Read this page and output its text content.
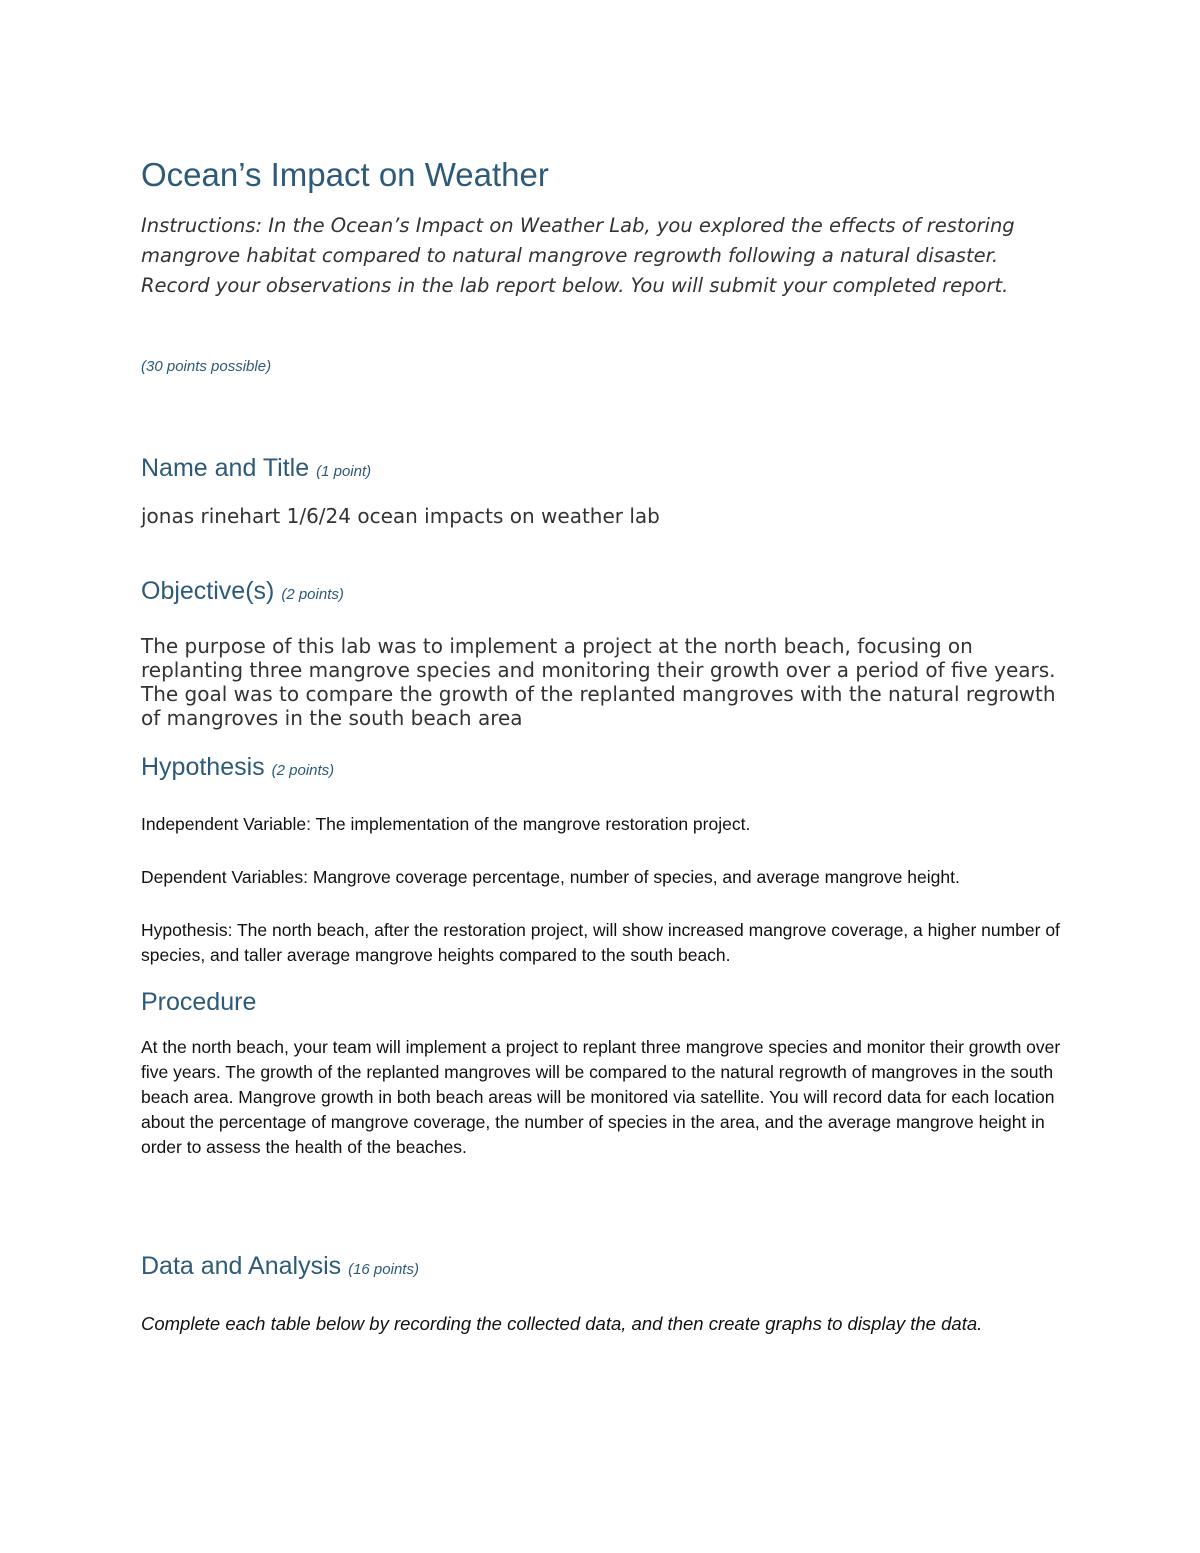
Ocean’s Impact on Weather

Instructions: In the Ocean’s Impact on Weather Lab, you explored the effects of restoring mangrove habitat compared to natural mangrove regrowth following a natural disaster. Record your observations in the lab report below. You will submit your completed report.

(30 points possible)

Name and Title (1 point)

jonas rinehart 1/6/24 ocean impacts on weather lab

Objective(s) (2 points)

The purpose of this lab was to implement a project at the north beach, focusing on replanting three mangrove species and monitoring their growth over a period of five years. The goal was to compare the growth of the replanted mangroves with the natural regrowth of mangroves in the south beach area

Hypothesis (2 points)

Independent Variable: The implementation of the mangrove restoration project.

Dependent Variables: Mangrove coverage percentage, number of species, and average mangrove height.

Hypothesis: The north beach, after the restoration project, will show increased mangrove coverage, a higher number of species, and taller average mangrove heights compared to the south beach.

Procedure

At the north beach, your team will implement a project to replant three mangrove species and monitor their growth over five years. The growth of the replanted mangroves will be compared to the natural regrowth of mangroves in the south beach area. Mangrove growth in both beach areas will be monitored via satellite. You will record data for each location about the percentage of mangrove coverage, the number of species in the area, and the average mangrove height in order to assess the health of the beaches.

Data and Analysis (16 points)

Complete each table below by recording the collected data, and then create graphs to display the data.
